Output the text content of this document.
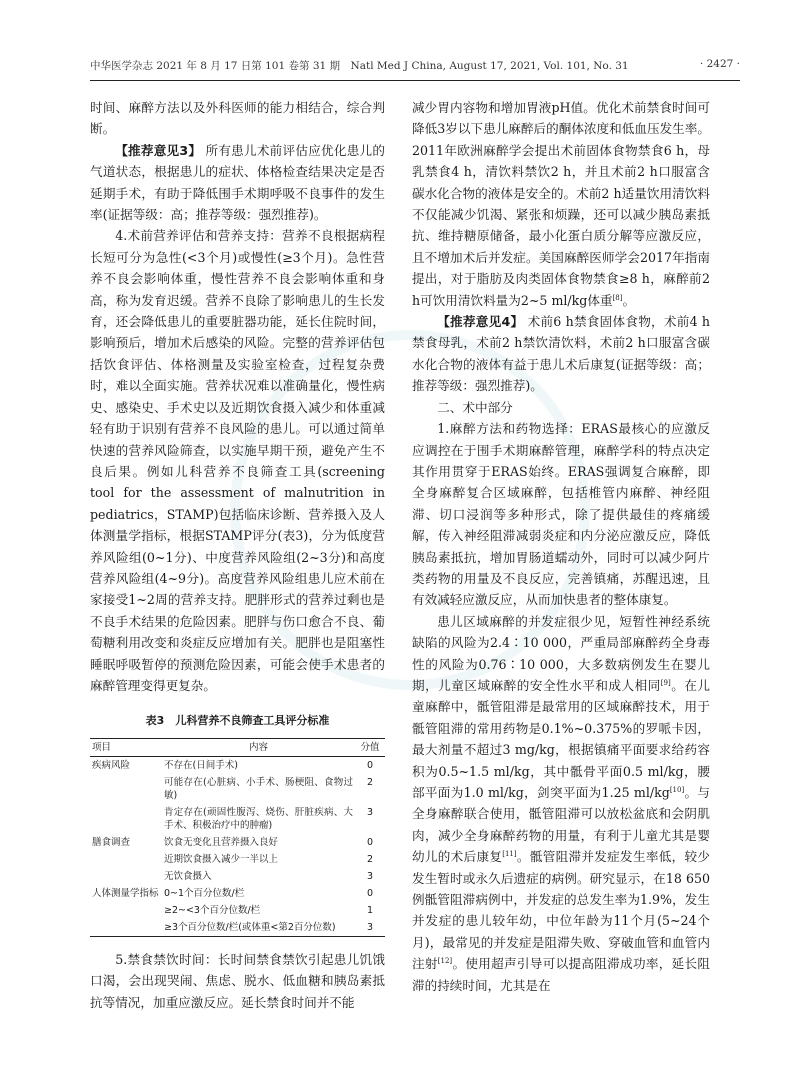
中华医学杂志 2021 年 8 月 17 日第 101 卷第 31 期　Natl Med J China, August 17, 2021, Vol. 101, No. 31	· 2427 ·

时间、麻醉方法以及外科医师的能力相结合，综合判断。

【推荐意见3】 所有患儿术前评估应优化患儿的气道状态，根据患儿的症状、体格检查结果决定是否延期手术，有助于降低围手术期呼吸不良事件的发生率(证据等级：高；推荐等级：强烈推荐)。

4.术前营养评估和营养支持：营养不良根据病程长短可分为急性(<3个月)或慢性(≥3个月)。急性营养不良会影响体重，慢性营养不良会影响体重和身高，称为发育迟缓。营养不良除了影响患儿的生长发育，还会降低患儿的重要脏器功能，延长住院时间，影响预后，增加术后感染的风险。完整的营养评估包括饮食评估、体格测量及实验室检查，过程复杂费时，难以全面实施。营养状况难以准确量化，慢性病史、感染史、手术史以及近期饮食摄入减少和体重减轻有助于识别有营养不良风险的患儿。可以通过简单快速的营养风险筛查，以实施早期干预，避免产生不良后果。例如儿科营养不良筛查工具(screening tool for the assessment of malnutrition in pediatrics，STAMP)包括临床诊断、营养摄入及人体测量学指标，根据STAMP评分(表3)，分为低度营养风险组(0~1分)、中度营养风险组(2~3分)和高度营养风险组(4~9分)。高度营养风险组患儿应术前在家接受1~2周的营养支持。肥胖形式的营养过剩也是不良手术结果的危险因素。肥胖与伤口愈合不良、葡萄糖利用改变和炎症反应增加有关。肥胖也是阻塞性睡眠呼吸暂停的预测危险因素，可能会使手术患者的麻醉管理变得更复杂。

表3　儿科营养不良筛查工具评分标准
项目	内容	分值
疾病风险	不存在(日间手术)	0
	可能存在(心脏病、小手术、肠梗阻、食物过敏)	2
	肯定存在(顽固性腹泻、烧伤、肝脏疾病、大手术、积极治疗中的肿瘤)	3
膳食调查	饮食无变化且营养摄入良好	0
	近期饮食摄入减少一半以上	2
	无饮食摄入	3
人体测量学指标	0~1个百分位数/栏	0
	≥2~<3个百分位数/栏	1
	≥3个百分位数/栏(或体重<第2百分位数)	3

5.禁食禁饮时间：长时间禁食禁饮引起患儿饥饿口渴，会出现哭闹、焦虑、脱水、低血糖和胰岛素抵抗等情况，加重应激反应。延长禁食时间并不能

减少胃内容物和增加胃液pH值。优化术前禁食时间可降低3岁以下患儿麻醉后的酮体浓度和低血压发生率。2011年欧洲麻醉学会提出术前固体食物禁食6 h，母乳禁食4 h，清饮料禁饮2 h，并且术前2 h口服富含碳水化合物的液体是安全的。术前2 h适量饮用清饮料不仅能减少饥渴、紧张和烦躁，还可以减少胰岛素抵抗、维持糖原储备，最小化蛋白质分解等应激反应，且不增加术后并发症。美国麻醉医师学会2017年指南提出，对于脂肪及肉类固体食物禁食≥8 h，麻醉前2 h可饮用清饮料量为2~5 ml/kg体重[8]。

【推荐意见4】 术前6 h禁食固体食物，术前4 h禁食母乳，术前2 h禁饮清饮料，术前2 h口服富含碳水化合物的液体有益于患儿术后康复(证据等级：高；推荐等级：强烈推荐)。

二、术中部分

1.麻醉方法和药物选择：ERAS最核心的应激反应调控在于围手术期麻醉管理，麻醉学科的特点决定其作用贯穿于ERAS始终。ERAS强调复合麻醉，即全身麻醉复合区域麻醉，包括椎管内麻醉、神经阻滞、切口浸润等多种形式，除了提供最佳的疼痛缓解，传入神经阻滞减弱炎症和内分泌应激反应，降低胰岛素抵抗，增加胃肠道蠕动外，同时可以减少阿片类药物的用量及不良反应，完善镇痛，苏醒迅速，且有效减轻应激反应，从而加快患者的整体康复。

患儿区域麻醉的并发症很少见，短暂性神经系统缺陷的风险为2.4∶10 000，严重局部麻醉药全身毒性的风险为0.76∶10 000，大多数病例发生在婴儿期，儿童区域麻醉的安全性水平和成人相同[9]。在儿童麻醉中，骶管阻滞是最常用的区域麻醉技术，用于骶管阻滞的常用药物是0.1%~0.375%的罗哌卡因，最大剂量不超过3 mg/kg，根据镇痛平面要求给药容积为0.5~1.5 ml/kg，其中骶骨平面0.5 ml/kg，腰部平面为1.0 ml/kg，剑突平面为1.25 ml/kg[10]。与全身麻醉联合使用，骶管阻滞可以放松盆底和会阴肌肉，减少全身麻醉药物的用量，有利于儿童尤其是婴幼儿的术后康复[11]。骶管阻滞并发症发生率低，较少发生暂时或永久后遗症的病例。研究显示，在18 650例骶管阻滞病例中，并发症的总发生率为1.9%，发生并发症的患儿较年幼，中位年龄为11个月(5~24个月)，最常见的并发症是阻滞失败、穿破血管和血管内注射[12]。使用超声引导可以提高阻滞成功率，延长阻滞的持续时间，尤其是在
